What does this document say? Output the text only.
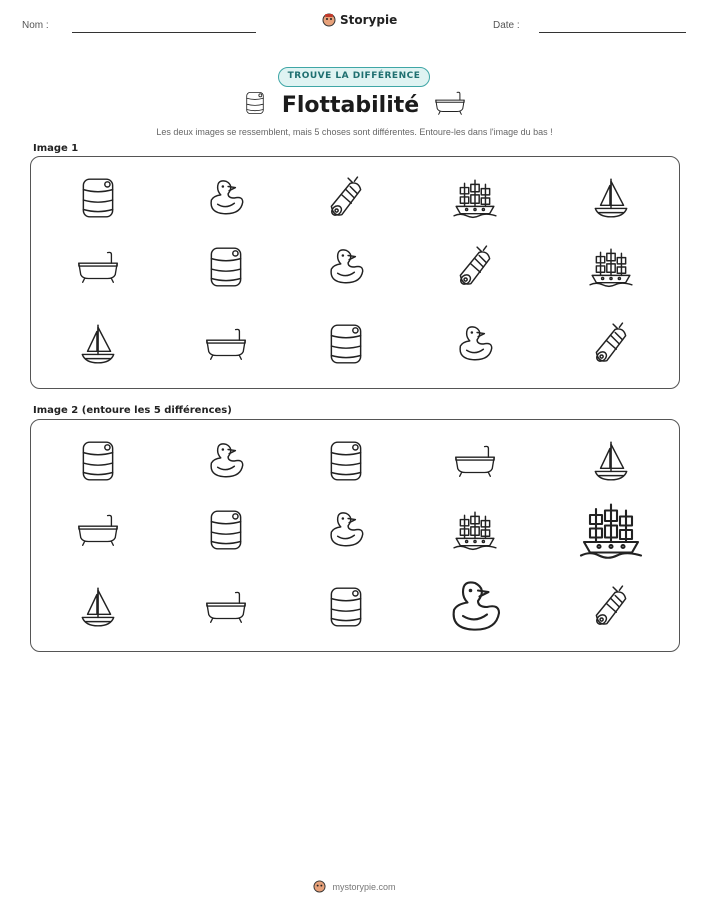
Nom :	Storypie	Date :
TROUVE LA DIFFÉRENCE
Flottabilité
Les deux images se ressemblent, mais 5 choses sont différentes. Entoure-les dans l'image du bas !
Image 1
Image 2 (entoure les 5 différences)
mystorypie.com
